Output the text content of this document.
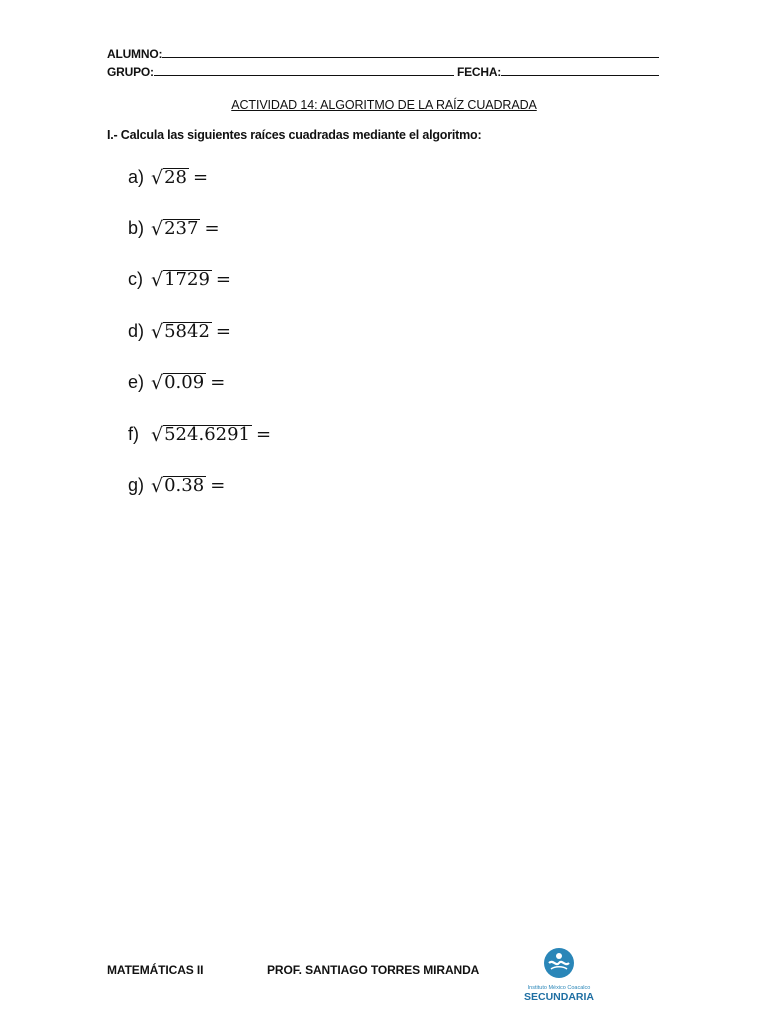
ALUMNO:
GRUPO:	FECHA:
ACTIVIDAD 14: ALGORITMO DE LA RAÍZ CUADRADA
I.- Calcula las siguientes raíces cuadradas mediante el algoritmo:
a) √ 28 =
b) √ 237 =
c) √ 1729 =
d) √ 5842 =
e) √ 0.09 =
f) √ 524.6291 =
g) √ 0.38 =
MATEMÁTICAS II	PROF. SANTIAGO TORRES MIRANDA
Instituto México Coacalco
SECUNDARIA
